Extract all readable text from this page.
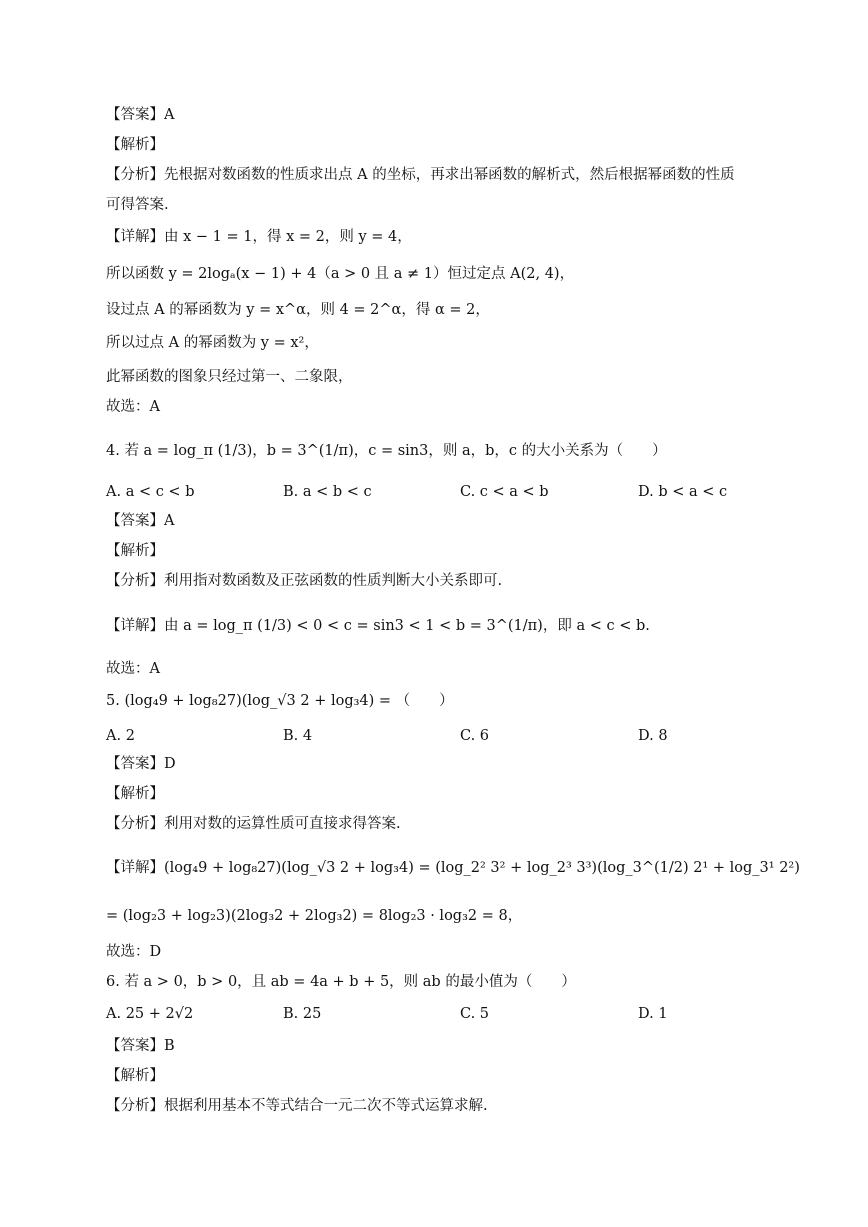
【答案】A
【解析】
【分析】先根据对数函数的性质求出点 A 的坐标，再求出幂函数的解析式，然后根据幂函数的性质
可得答案.
【详解】由 x − 1 = 1，得 x = 2，则 y = 4，
所以函数 y = 2logₐ(x − 1) + 4（a > 0 且 a ≠ 1）恒过定点 A(2, 4)，
设过点 A 的幂函数为 y = x^α，则 4 = 2^α，得 α = 2，
所以过点 A 的幂函数为 y = x²，
此幂函数的图象只经过第一、二象限，
故选：A
4. 若 a = log_π (1/3)，b = 3^(1/π)，c = sin3，则 a，b，c 的大小关系为（　　）
A. a < c < b	B. a < b < c	C. c < a < b	D. b < a < c
【答案】A
【解析】
【分析】利用指对数函数及正弦函数的性质判断大小关系即可.
【详解】由 a = log_π (1/3) < 0 < c = sin3 < 1 < b = 3^(1/π)，即 a < c < b.
故选：A
5. (log₄9 + log₈27)(log_√3 2 + log₃4) = （　　）
A. 2	B. 4	C. 6	D. 8
【答案】D
【解析】
【分析】利用对数的运算性质可直接求得答案.
【详解】(log₄9 + log₈27)(log_√3 2 + log₃4) = (log_2² 3² + log_2³ 3³)(log_3^(1/2) 2¹ + log_3¹ 2²)
= (log₂3 + log₂3)(2log₃2 + 2log₃2) = 8log₂3 · log₃2 = 8，
故选：D
6. 若 a > 0，b > 0，且 ab = 4a + b + 5，则 ab 的最小值为（　　）
A. 25 + 2√2	B. 25	C. 5	D. 1
【答案】B
【解析】
【分析】根据利用基本不等式结合一元二次不等式运算求解.
